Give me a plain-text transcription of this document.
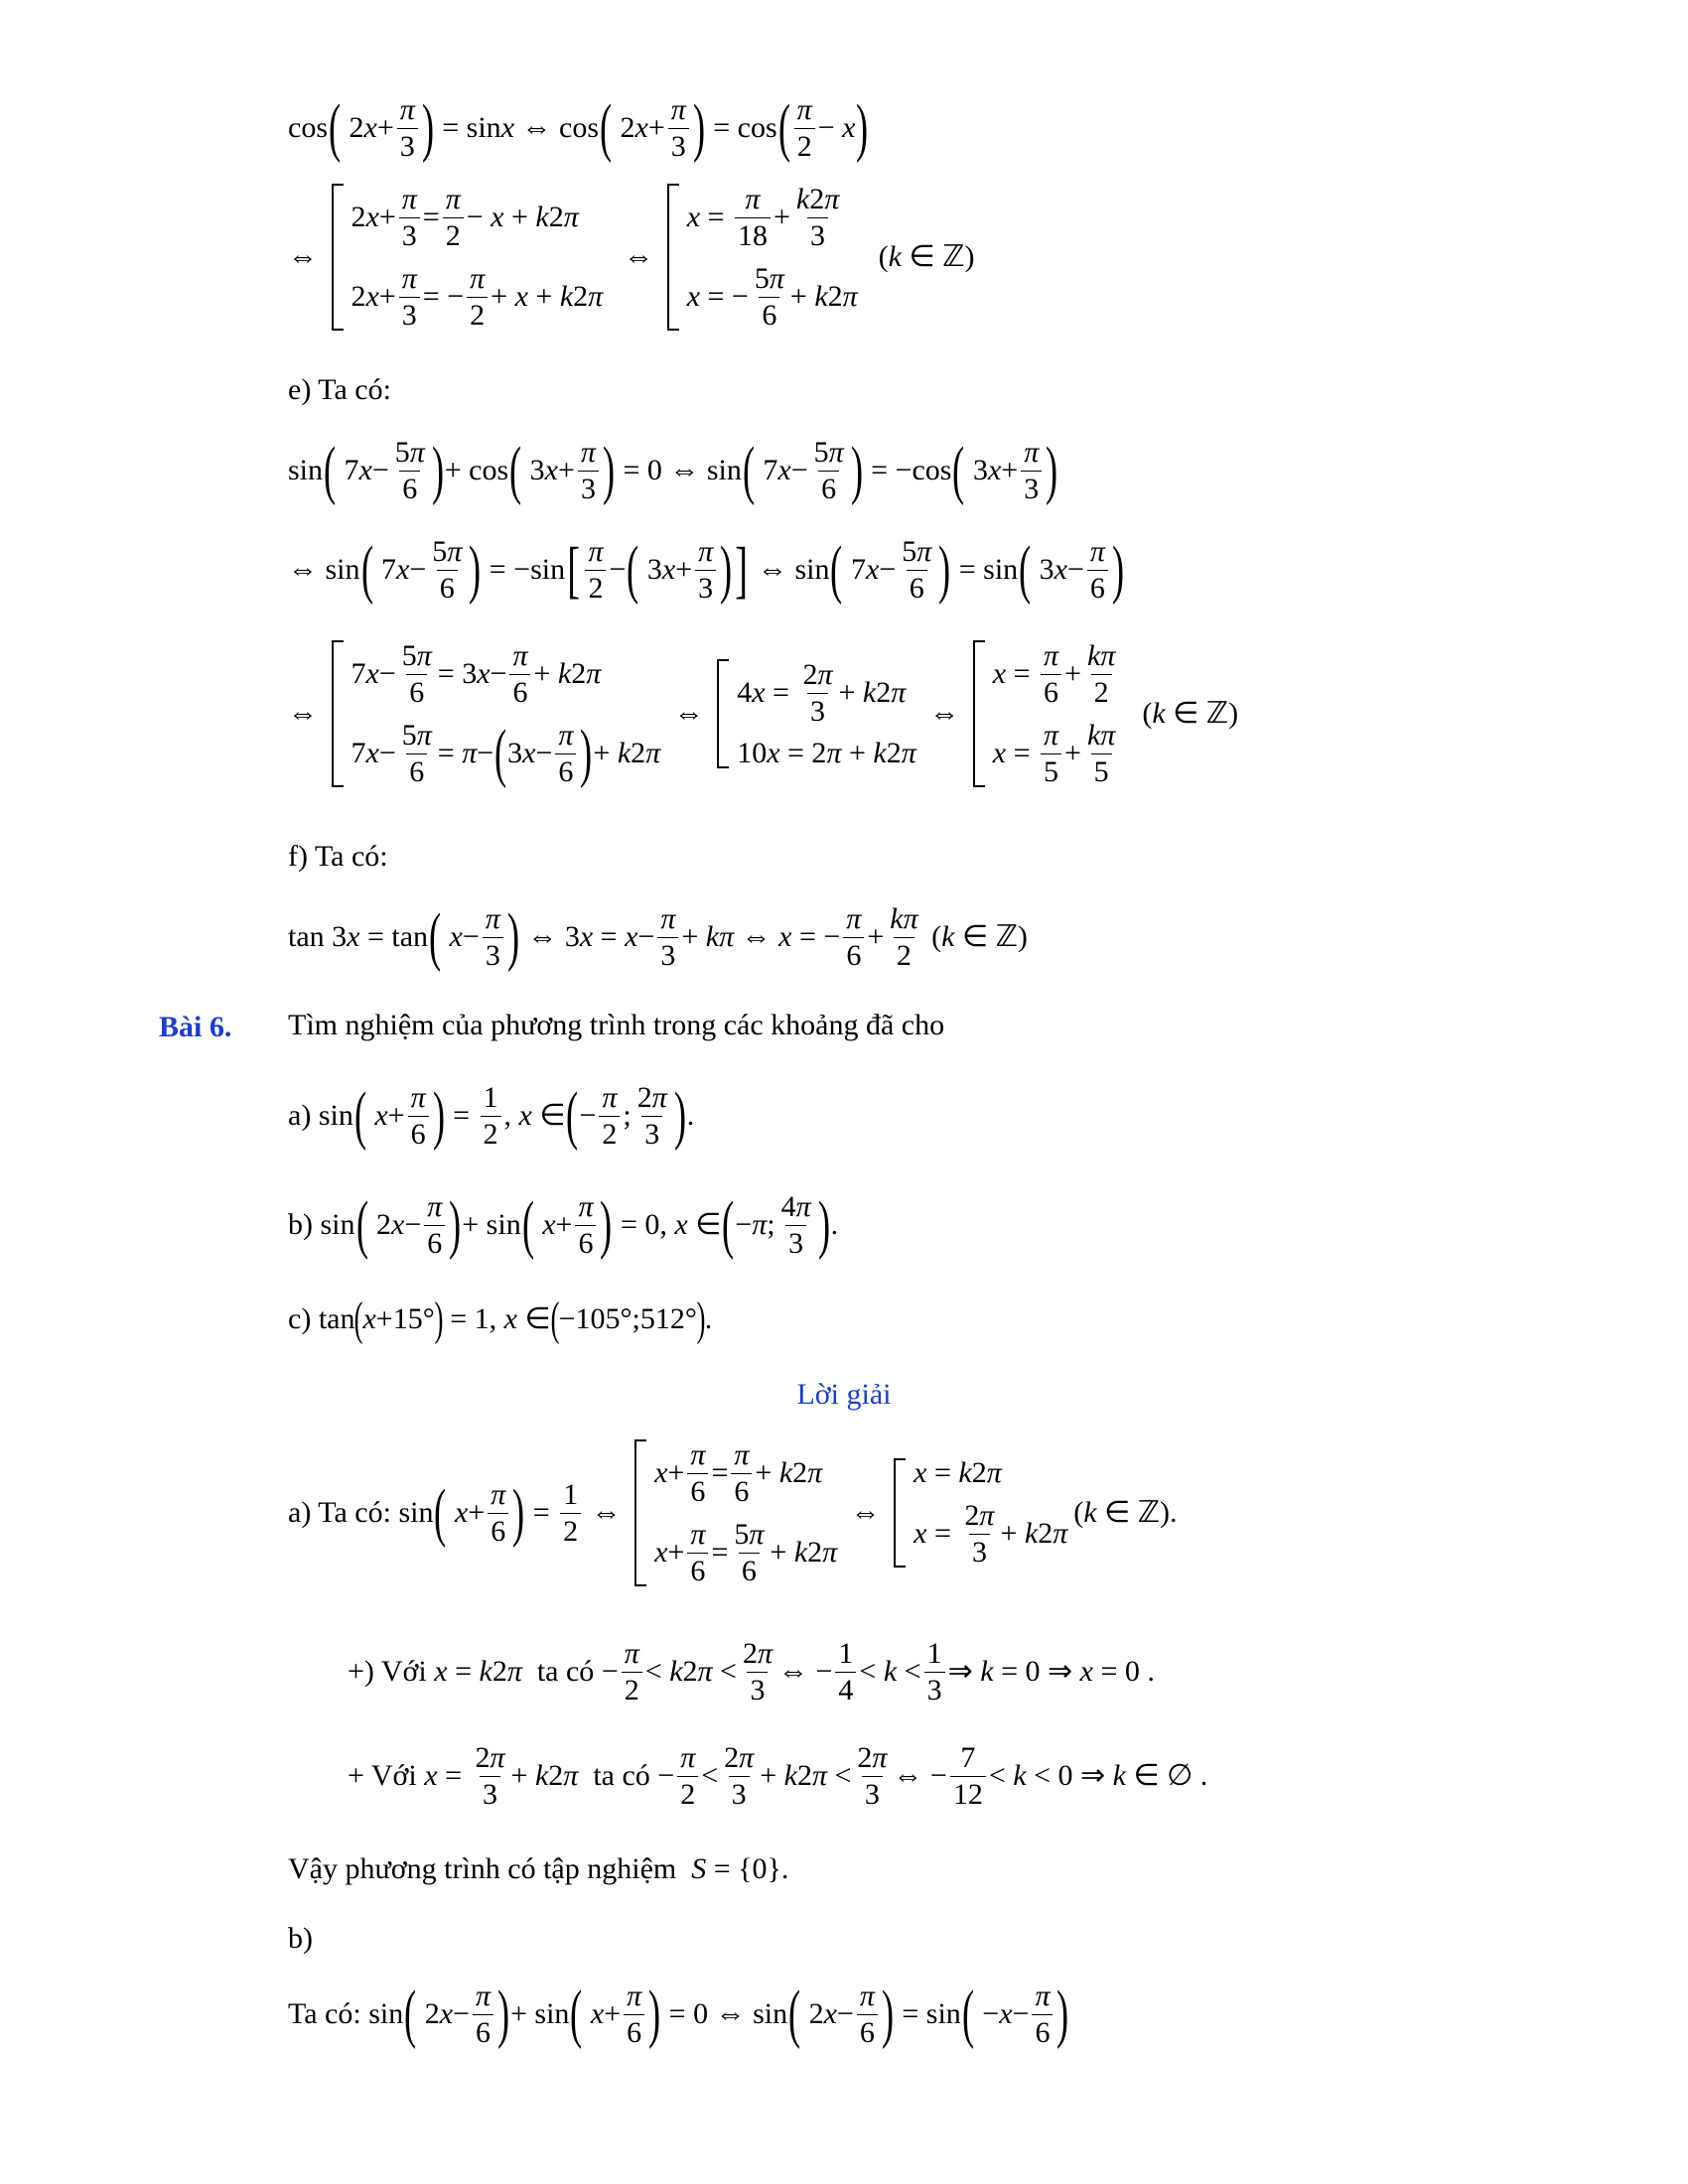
cos ( 2 $x + \frac{\pi}{3}$ ) = sin x ⇔ cos ( 2 $x + \frac{\pi}{3}$ ) = cos ( $\frac{\pi}{2} - x$ )
⇔
2 $x + \frac{\pi}{3} = \frac{\pi}{2} - x + k$ 2 π
2 $x + \frac{\pi}{3}$ = − $\frac{\pi}{2} + x + k$ 2 π
⇔
$x = \frac{\pi}{18} + \frac{k2\pi}{3}$
x = − $\frac{5\pi}{6} + k$ 2 π
( k ∈ ℤ)
e) Ta có:
sin ( 7 $x - \frac{5\pi}{6}$ ) + cos ( 3 $x + \frac{\pi}{3}$ ) = 0 ⇔ sin ( 7 $x - \frac{5\pi}{6}$ ) = −cos ( 3 $x + \frac{\pi}{3}$ )
⇔ sin ( 7 $x - \frac{5\pi}{6}$ ) = −sin [ $\frac{\pi}{2}$ − ( 3 $x + \frac{\pi}{3}$ ) ] ⇔ sin ( 7 $x - \frac{5\pi}{6}$ ) = sin ( 3 $x - \frac{\pi}{6}$ )
⇔
7 $x - \frac{5\pi}{6} = 3$ $x - \frac{\pi}{6} + k$ 2 π
7 $x - \frac{5\pi}{6} = \pi$ − ( 3 $x - \frac{\pi}{6}$ ) + k 2 π
⇔
4 $x = \frac{2\pi}{3} + k$ 2 π
10 x = 2 π + k 2 π
⇔
$x = \frac{\pi}{6} + \frac{k\pi}{2}$
$x = \frac{\pi}{5} + \frac{k\pi}{5}$
( k ∈ ℤ)
f) Ta có:
tan 3 x = tan (
$x - \frac{\pi}{3}$ ) ⇔ 3 $x = x - \frac{\pi}{3} + k\pi$ ⇔ x = − $\frac{\pi}{6} + \frac{k\pi}{2}$ ( k ∈ ℤ)
Bài 6. Tìm nghiệm của phương trình trong các khoảng đã cho
a) sin ( $x + \frac{\pi}{6}$ ) = $\frac{1}{2}$ , x ∈ ( − $\frac{\pi}{2}$ ; $\frac{2\pi}{3}$ ) .
b) sin ( 2 $x - \frac{\pi}{6}$ ) + sin ( $x + \frac{\pi}{6}$ ) = 0, x ∈ ( − π ; $\frac{4\pi}{3}$ ) .
c) tan ( x +15° ) = 1, x ∈ ( −105°;512° ) .
Lời giải
a) Ta có: sin ( $x + \frac{\pi}{6}$ ) = $\frac{1}{2}$ ⇔
$x + \frac{\pi}{6} = \frac{\pi}{6} + k$ 2 π
$x + \frac{\pi}{6} = \frac{5\pi}{6} + k$ 2 π
⇔
x = k 2 π
$x = \frac{2\pi}{3} + k$ 2 π
( k ∈ ℤ).
+) Với
x = k 2 π
ta có − $\frac{\pi}{2} < k$ 2 $\pi < \frac{2\pi}{3}$ ⇔ − $\frac{1}{4} < k < \frac{1}{3}$ ⇒ k = 0 ⇒ x = 0 .
+ Với
$x = \frac{2\pi}{3} + k$ 2 π
ta có − $\frac{\pi}{2} < \frac{2\pi}{3} + k$ 2 $\pi < \frac{2\pi}{3}$ ⇔ − $\frac{7}{12} < k < 0$ ⇒ k ∈ ∅ .
Vậy phương trình có tập nghiệm
S = {0}.
b)
Ta có: sin ( 2 $x - \frac{\pi}{6}$ ) + sin ( $x + \frac{\pi}{6}$ ) = 0 ⇔ sin ( 2 $x - \frac{\pi}{6}$ ) = sin ( − $x - \frac{\pi}{6}$ )
